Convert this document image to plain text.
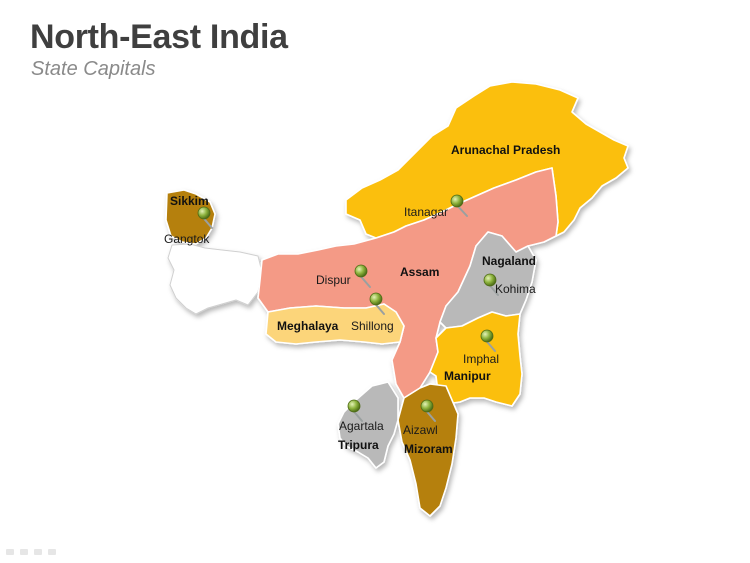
North-East India

State Capitals

Arunachal Pradesh
Assam
Meghalaya
Nagaland
Manipur
Mizoram
Tripura
Sikkim
Itanagar
Dispur
Shillong
Kohima
Imphal
Aizawl
Agartala
Gangtok
